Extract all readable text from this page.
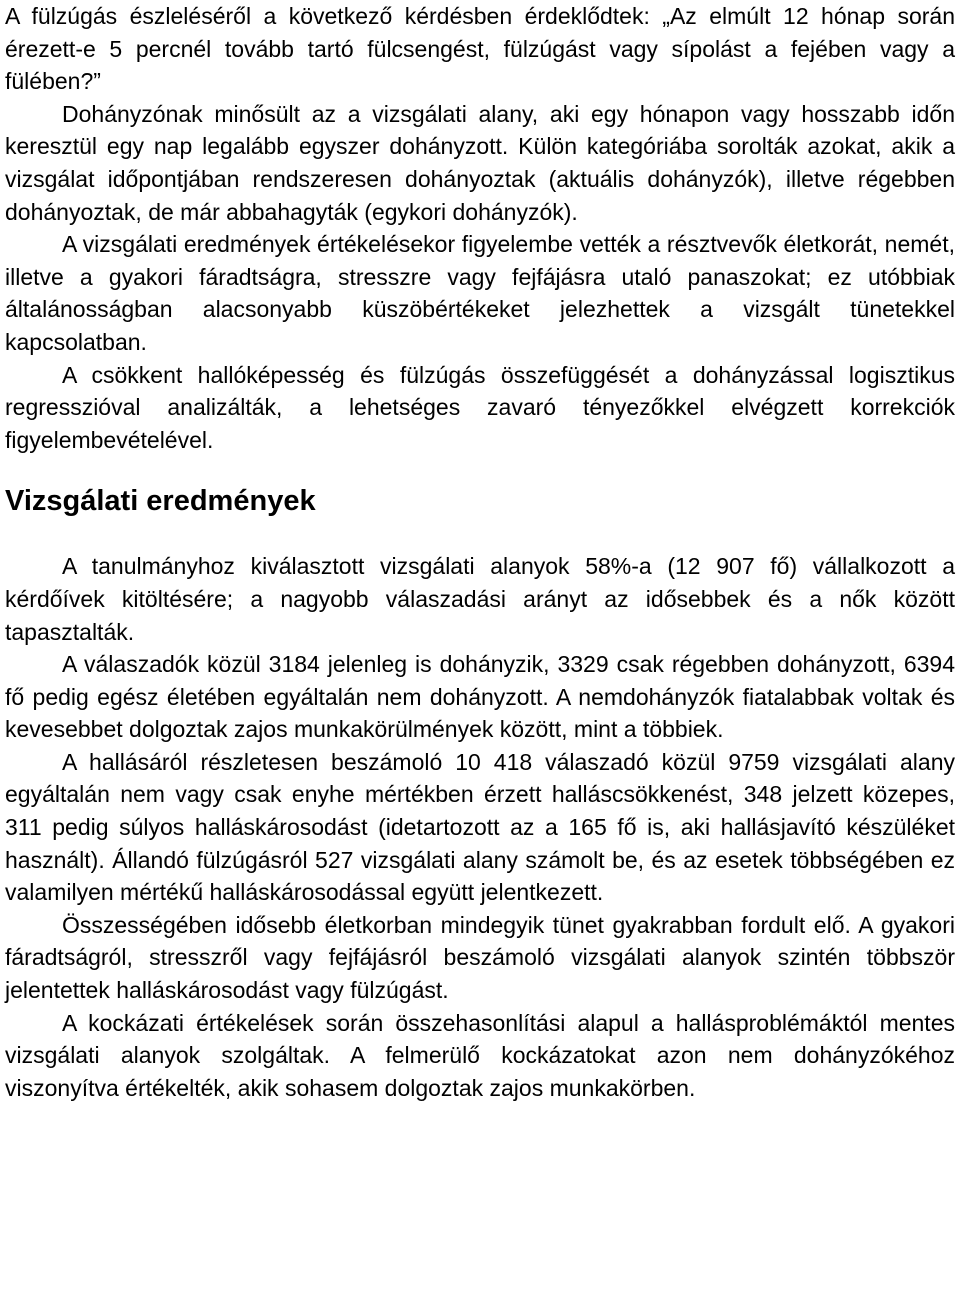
A fülzúgás észleléséről a következő kérdésben érdeklődtek: „Az elmúlt 12 hónap során érezett-e 5 percnél tovább tartó fülcsengést, fülzúgást vagy sípolást a fejében vagy a fülében?”

Dohányzónak minősült az a vizsgálati alany, aki egy hónapon vagy hosszabb időn keresztül egy nap legalább egyszer dohányzott. Külön kategóriába sorolták azokat, akik a vizsgálat időpontjában rendszeresen dohányoztak (aktuális dohányzók), illetve régebben dohányoztak, de már abbahagyták (egykori dohányzók).

A vizsgálati eredmények értékelésekor figyelembe vették a résztvevők életkorát, nemét, illetve a gyakori fáradtságra, stresszre vagy fejfájásra utaló panaszokat; ez utóbbiak általánosságban alacsonyabb küszöbértékeket jelezhettek a vizsgált tünetekkel kapcsolatban.

A csökkent hallóképesség és fülzúgás összefüggését a dohányzással logisztikus regresszióval analizálták, a lehetséges zavaró tényezőkkel elvégzett korrekciók figyelembevételével.

Vizsgálati eredmények

A tanulmányhoz kiválasztott vizsgálati alanyok 58%-a (12 907 fő) vállalkozott a kérdőívek kitöltésére; a nagyobb válaszadási arányt az idősebbek és a nők között tapasztalták.

A válaszadók közül 3184 jelenleg is dohányzik, 3329 csak régebben dohányzott, 6394 fő pedig egész életében egyáltalán nem dohányzott. A nemdohányzók fiatalabbak voltak és kevesebbet dolgoztak zajos munkakörülmények között, mint a többiek.

A hallásáról részletesen beszámoló 10 418 válaszadó közül 9759 vizsgálati alany egyáltalán nem vagy csak enyhe mértékben érzett halláscsökkenést, 348 jelzett közepes, 311 pedig súlyos halláskárosodást (idetartozott az a 165 fő is, aki hallásjavító készüléket használt). Állandó fülzúgásról 527 vizsgálati alany számolt be, és az esetek többségében ez valamilyen mértékű halláskárosodással együtt jelentkezett.

Összességében idősebb életkorban mindegyik tünet gyakrabban fordult elő. A gyakori fáradtságról, stresszről vagy fejfájásról beszámoló vizsgálati alanyok szintén többször jelentettek halláskárosodást vagy fülzúgást.

A kockázati értékelések során összehasonlítási alapul a hallásproblémáktól mentes vizsgálati alanyok szolgáltak. A felmerülő kockázatokat azon nem dohányzókéhoz viszonyítva értékelték, akik sohasem dolgoztak zajos munkakörben.
